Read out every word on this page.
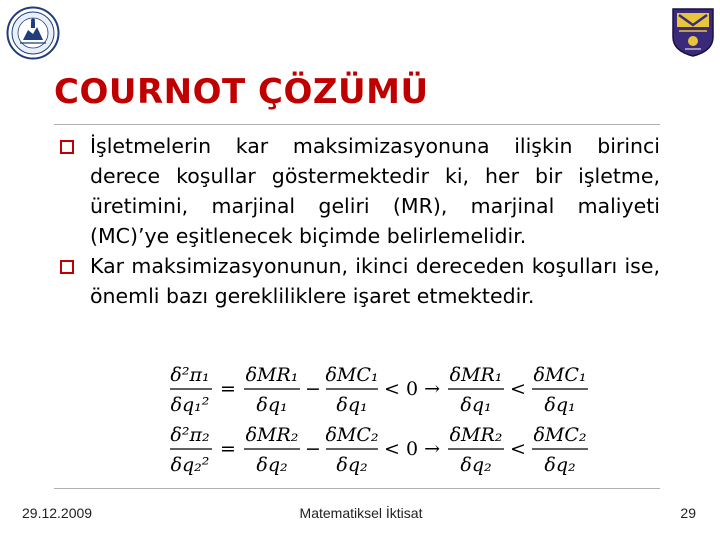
COURNOT ÇÖZÜMÜ

İşletmelerin kar maksimizasyonuna ilişkin birinci derece koşullar göstermektedir ki, her bir işletme, üretimini, marjinal geliri (MR), marjinal maliyeti (MC)’ye eşitlenecek biçimde belirlemelidir.

Kar maksimizasyonunun, ikinci dereceden koşulları ise, önemli bazı gerekliliklere işaret etmektedir.

δ²π₁
δq₁²
=
δMR₁
δq₁
−
δMC₁
δq₁
< 0 →
δMR₁
δq₁
<
δMC₁
δq₁
δ²π₂
δq₂²
=
δMR₂
δq₂
−
δMC₂
δq₂
< 0 →
δMR₂
δq₂
<
δMC₂
δq₂
29.12.2009	Matematiksel İktisat	29
